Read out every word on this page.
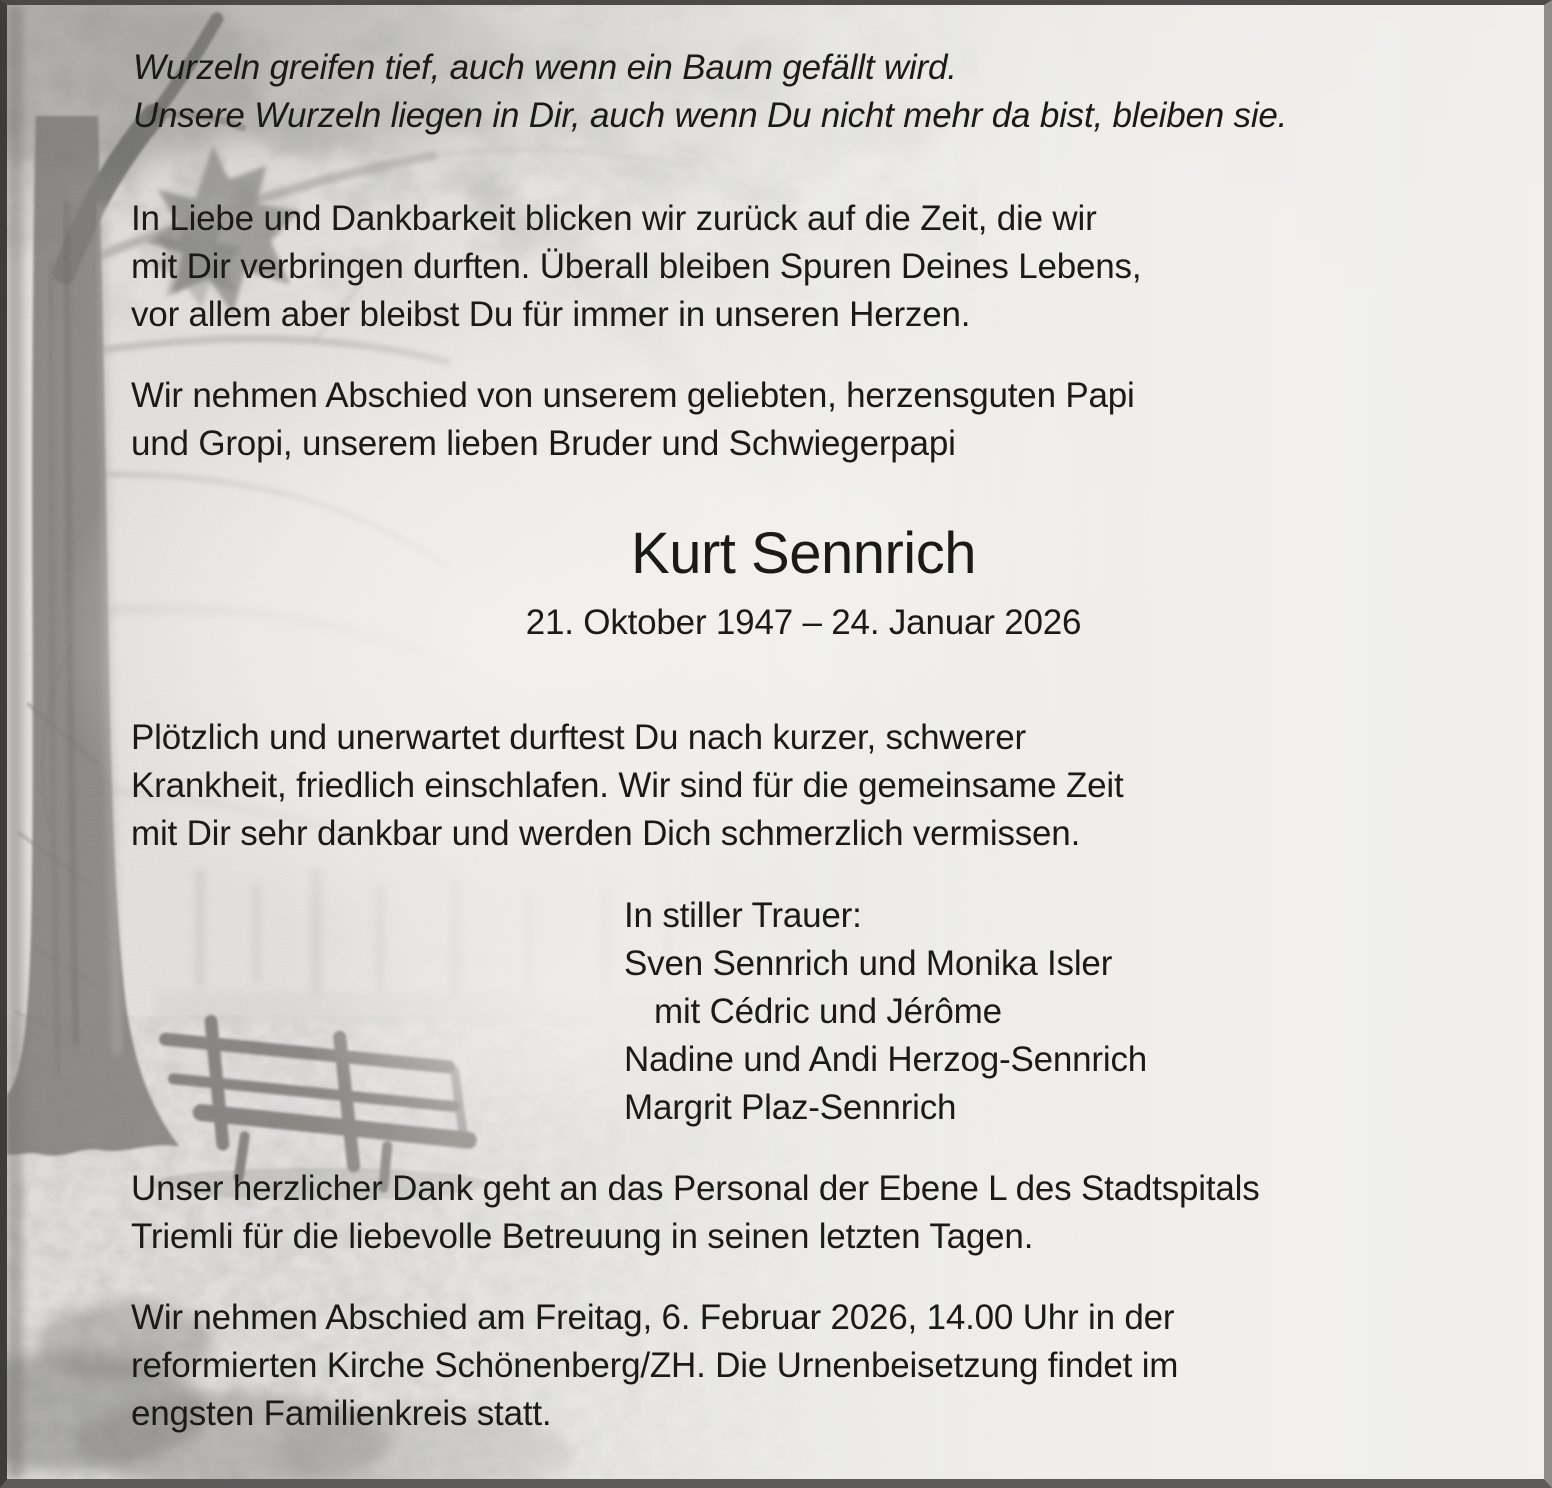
Wurzeln greifen tief, auch wenn ein Baum gefällt wird.
Unsere Wurzeln liegen in Dir, auch wenn Du nicht mehr da bist, bleiben sie.
In Liebe und Dankbarkeit blicken wir zurück auf die Zeit, die wir
mit Dir verbringen durften. Überall bleiben Spuren Deines Lebens,
vor allem aber bleibst Du für immer in unseren Herzen.
Wir nehmen Abschied von unserem geliebten, herzensguten Papi
und Gropi, unserem lieben Bruder und Schwiegerpapi
Kurt Sennrich
21. Oktober 1947 – 24. Januar 2026
Plötzlich und unerwartet durftest Du nach kurzer, schwerer
Krankheit, friedlich einschlafen. Wir sind für die gemeinsame Zeit
mit Dir sehr dankbar und werden Dich schmerzlich vermissen.
In stiller Trauer:
Sven Sennrich und Monika Isler
mit Cédric und Jérôme
Nadine und Andi Herzog-Sennrich
Margrit Plaz-Sennrich
Unser herzlicher Dank geht an das Personal der Ebene L des Stadtspitals
Triemli für die liebevolle Betreuung in seinen letzten Tagen.
Wir nehmen Abschied am Freitag, 6. Februar 2026, 14.00 Uhr in der
reformierten Kirche Schönenberg/ZH. Die Urnenbeisetzung findet im
engsten Familienkreis statt.
